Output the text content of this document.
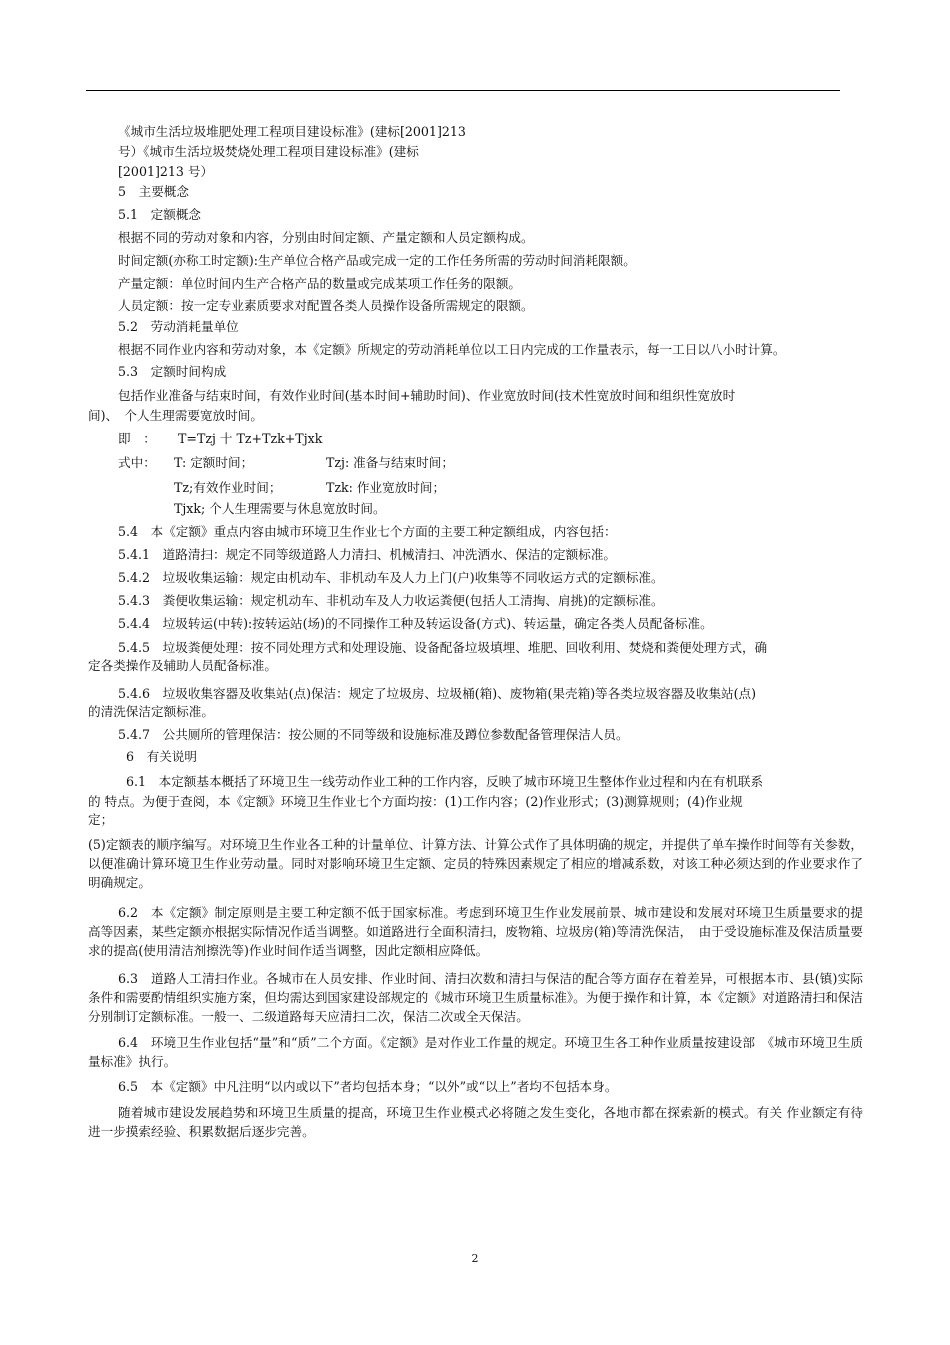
《城市生活垃圾堆肥处理工程项目建设标准》(建标[2001]213
号）《城市生活垃圾焚烧处理工程项目建设标准》(建标
[2001]213 号）
5　主要概念
5.1　定额概念
根据不同的劳动对象和内容，分别由时间定额、产量定额和人员定额构成。
时间定额(亦称工时定额):生产单位合格产品或完成一定的工作任务所需的劳动时间消耗限额。
产量定额：单位时间内生产合格产品的数量或完成某项工作任务的限额。
人员定额：按一定专业素质要求对配置各类人员操作设备所需规定的限额。
5.2　劳动消耗量单位
根据不同作业内容和劳动对象，本《定额》所规定的劳动消耗单位以工日内完成的工作量表示，每一工日以八小时计算。
5.3　定额时间构成
包括作业准备与结束时间，有效作业时间(基本时间+辅助时间)、作业宽放时间(技术性宽放时间和组织性宽放时
间)、　个人生理需要宽放时间。
即　： T=Tzj 十 Tz+Tzk+Tjxk
式中： T: 定额时间；	Tzj: 准备与结束时间；
Tz;有效作业时间；	Tzk: 作业宽放时间；
Tjxk; 个人生理需要与休息宽放时间。
5.4　本《定额》重点内容由城市环境卫生作业七个方面的主要工种定额组成，内容包括：
5.4.1　道路清扫：规定不同等级道路人力清扫、机械清扫、冲洗洒水、保洁的定额标准。
5.4.2　垃圾收集运输：规定由机动车、非机动车及人力上门(户)收集等不同收运方式的定额标准。
5.4.3　粪便收集运输：规定机动车、非机动车及人力收运粪便(包括人工清掏、肩挑)的定额标准。
5.4.4　垃圾转运(中转):按转运站(场)的不同操作工种及转运设备(方式)、转运量，确定各类人员配备标准。
5.4.5　垃圾粪便处理：按不同处理方式和处理设施、设备配备垃圾填埋、堆肥、回收利用、焚烧和粪便处理方式，确
定各类操作及辅助人员配备标准。
5.4.6　垃圾收集容器及收集站(点)保洁：规定了垃圾房、垃圾桶(箱)、废物箱(果壳箱)等各类垃圾容器及收集站(点)
的清洗保洁定额标准。
5.4.7　公共厕所的管理保洁：按公厕的不同等级和设施标准及蹲位参数配备管理保洁人员。
6　有关说明
6.1　本定额基本概括了环境卫生一线劳动作业工种的工作内容，反映了城市环境卫生整体作业过程和内在有机联系
的 特点。为便于查阅，本《定额》环境卫生作业七个方面均按：(1)工作内容；(2)作业形式；(3)测算规则；(4)作业规
定；
(5)定额表的顺序编写。对环境卫生作业各工种的计量单位、计算方法、计算公式作了具体明确的规定，并提供了单车操作时间等有关参数，以便准确计算环境卫生作业劳动量。同时对影响环境卫生定额、定员的特殊因素规定了相应的增减系数，对该工种必须达到的作业要求作了明确规定。
6.2　本《定额》制定原则是主要工种定额不低于国家标准。考虑到环境卫生作业发展前景、城市建设和发展对环境卫生质量要求的提高等因素，某些定额亦根据实际情况作适当调整。如道路进行全面积清扫，废物箱、垃圾房(箱)等清洗保洁，　由于受设施标准及保洁质量要求的提高(使用清洁剂擦洗等)作业时间作适当调整，因此定额相应降低。
6.3　道路人工清扫作业。各城市在人员安排、作业时间、清扫次数和清扫与保洁的配合等方面存在着差异，可根据本市、县(镇)实际条件和需要酌情组织实施方案，但均需达到国家建设部规定的《城市环境卫生质量标准》。为便于操作和计算，本《定额》对道路清扫和保洁分别制订定额标准。一般一、二级道路每天应清扫二次，保洁二次或全天保洁。
6.4　环境卫生作业包括“量”和“质”二个方面。《定额》是对作业工作量的规定。环境卫生各工种作业质量按建设部　《城市环境卫生质量标准》执行。
6.5　本《定额》中凡注明“以内或以下”者均包括本身；“以外”或“以上”者均不包括本身。
随着城市建设发展趋势和环境卫生质量的提高，环境卫生作业模式必将随之发生变化，各地市都在探索新的模式。有关 作业额定有待进一步摸索经验、积累数据后逐步完善。
2
